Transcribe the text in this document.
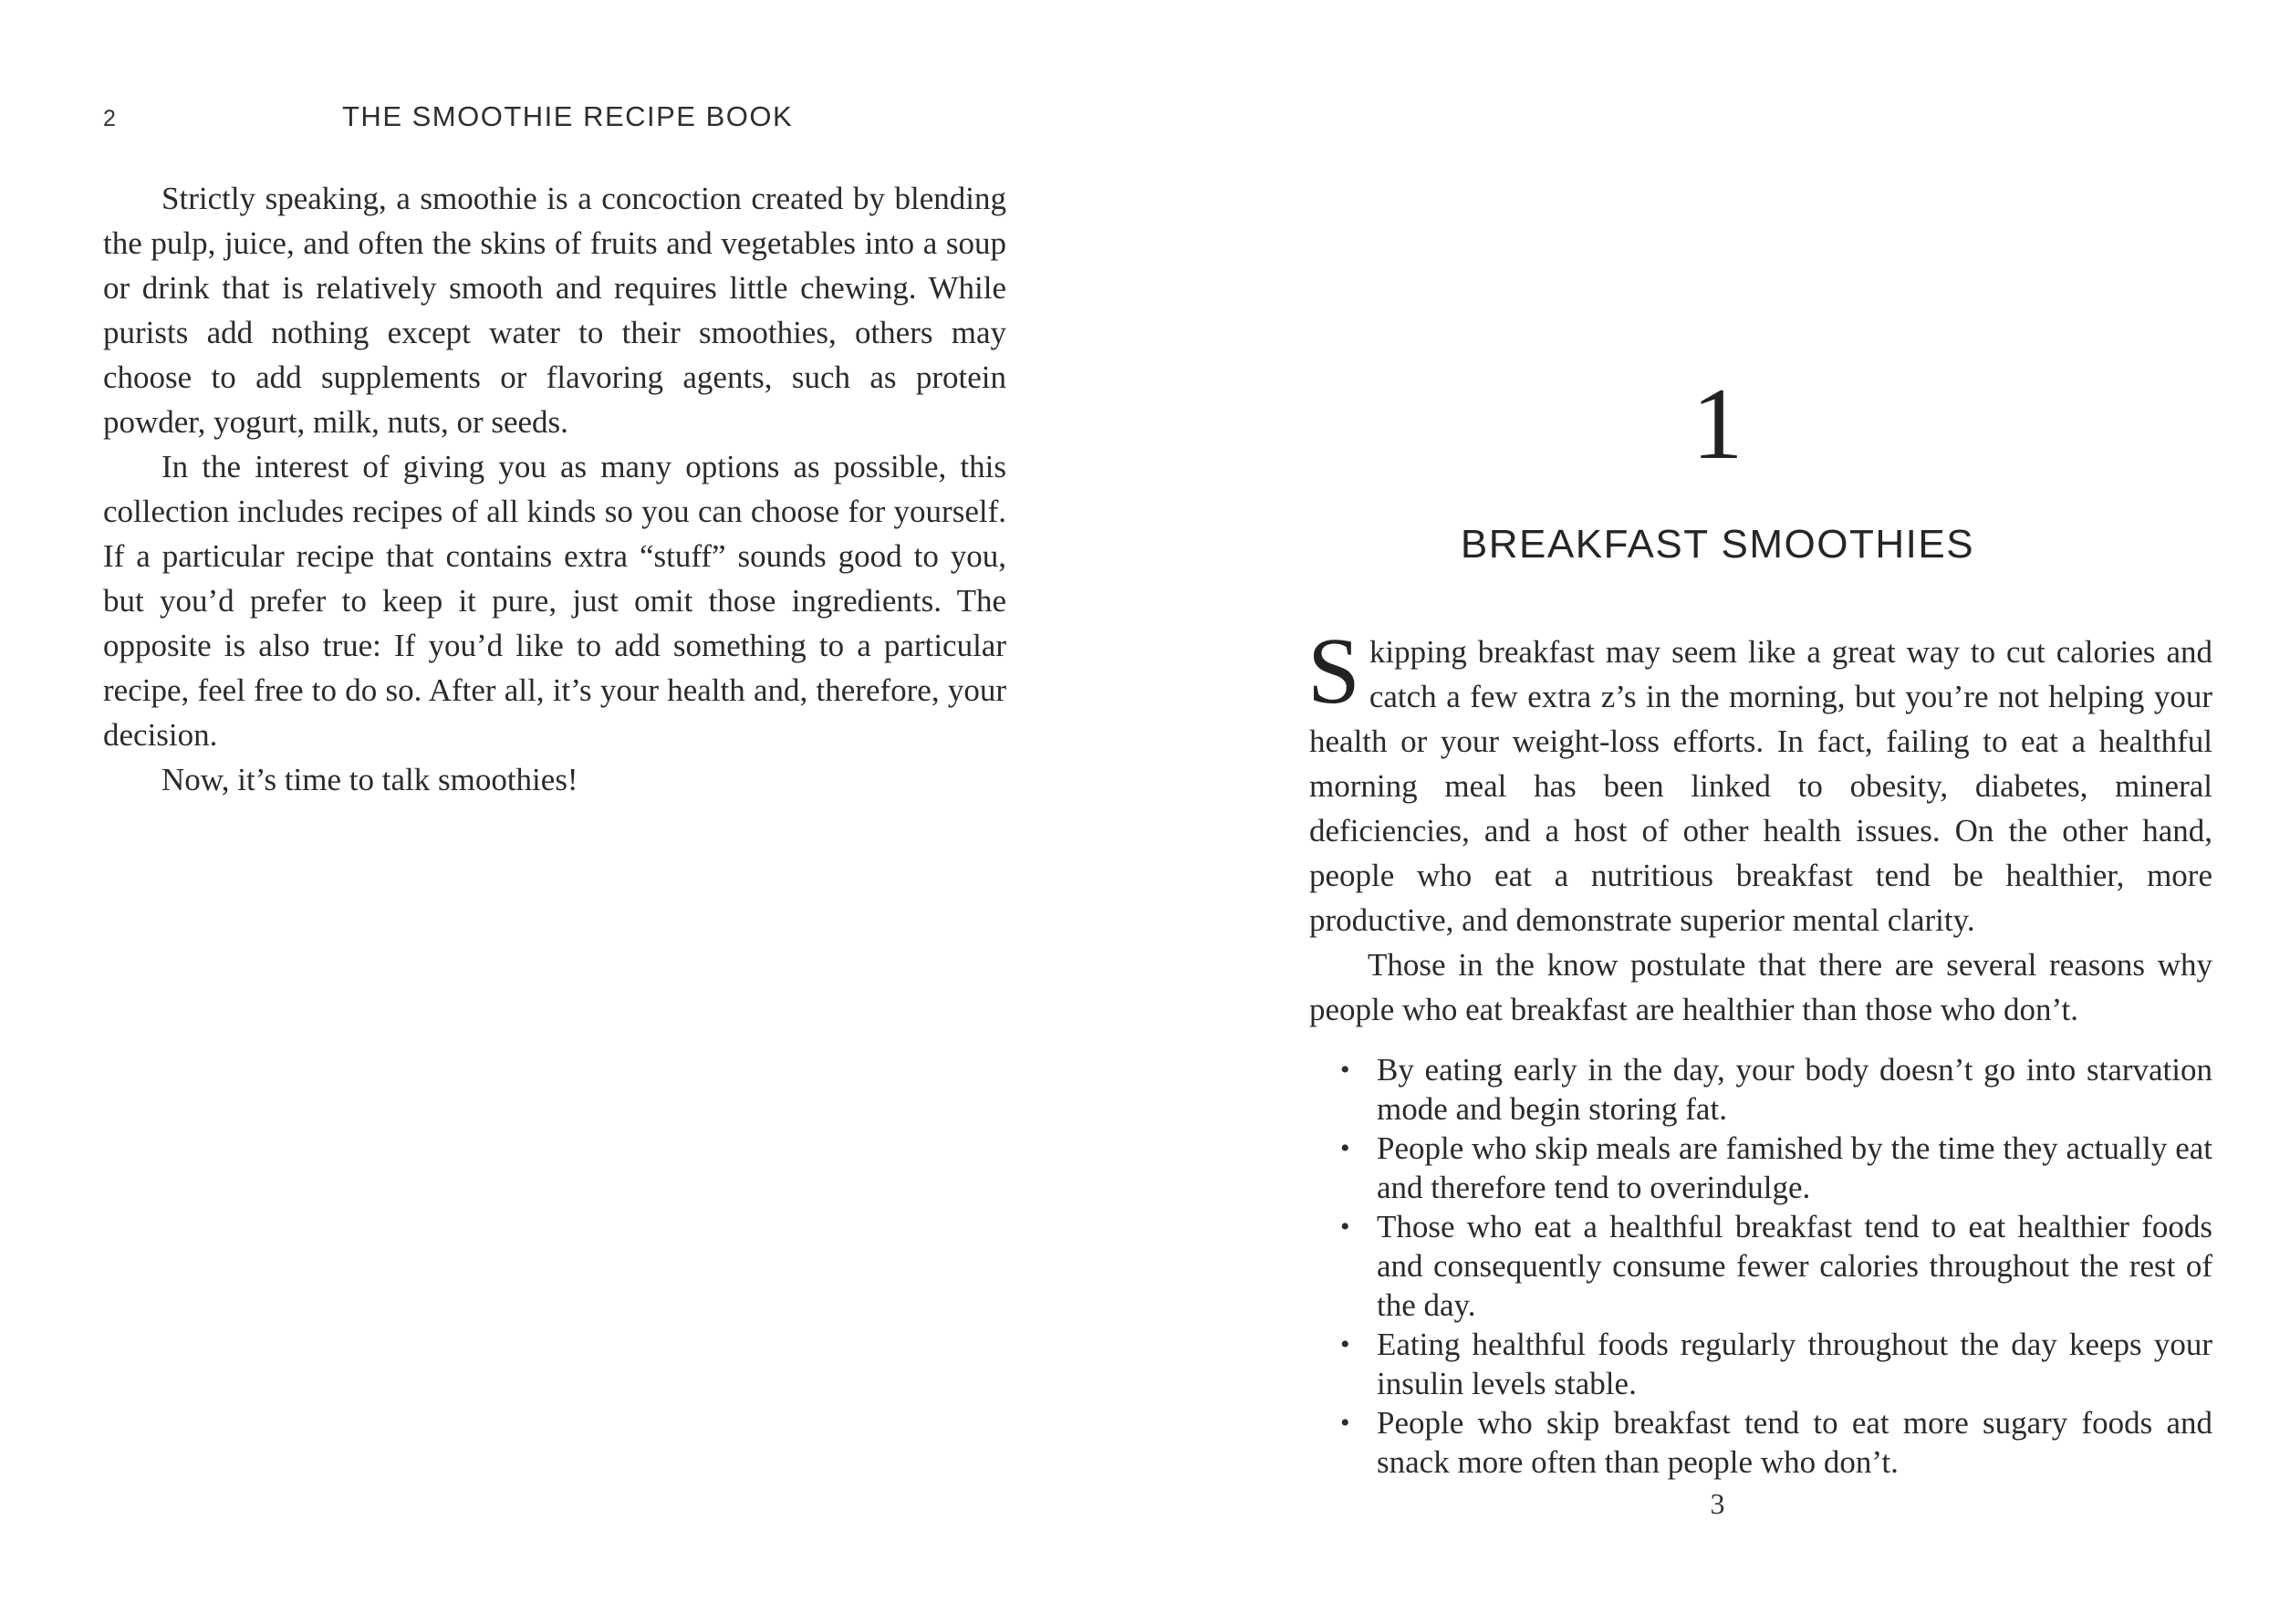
2	THE SMOOTHIE RECIPE BOOK

Strictly speaking, a smoothie is a concoction created by blending the pulp, juice, and often the skins of fruits and vegetables into a soup or drink that is relatively smooth and requires little chewing. While purists add nothing except water to their smoothies, others may choose to add supplements or flavoring agents, such as protein powder, yogurt, milk, nuts, or seeds.

In the interest of giving you as many options as possible, this collection includes recipes of all kinds so you can choose for yourself. If a particular recipe that contains extra “stuff” sounds good to you, but you’d prefer to keep it pure, just omit those ingredients. The opposite is also true: If you’d like to add something to a particular recipe, feel free to do so. After all, it’s your health and, therefore, your decision.

Now, it’s time to talk smoothies!

1
BREAKFAST SMOOTHIES

Skipping breakfast may seem like a great way to cut calories and catch a few extra z’s in the morning, but you’re not helping your health or your weight-loss efforts. In fact, failing to eat a healthful morning meal has been linked to obesity, diabetes, mineral deficiencies, and a host of other health issues. On the other hand, people who eat a nutritious breakfast tend be healthier, more productive, and demonstrate superior mental clarity.

Those in the know postulate that there are several reasons why people who eat breakfast are healthier than those who don’t.

• By eating early in the day, your body doesn’t go into starvation mode and begin storing fat.
• People who skip meals are famished by the time they actually eat and therefore tend to overindulge.
• Those who eat a healthful breakfast tend to eat healthier foods and consequently consume fewer calories throughout the rest of the day.
• Eating healthful foods regularly throughout the day keeps your insulin levels stable.
• People who skip breakfast tend to eat more sugary foods and snack more often than people who don’t.
3
